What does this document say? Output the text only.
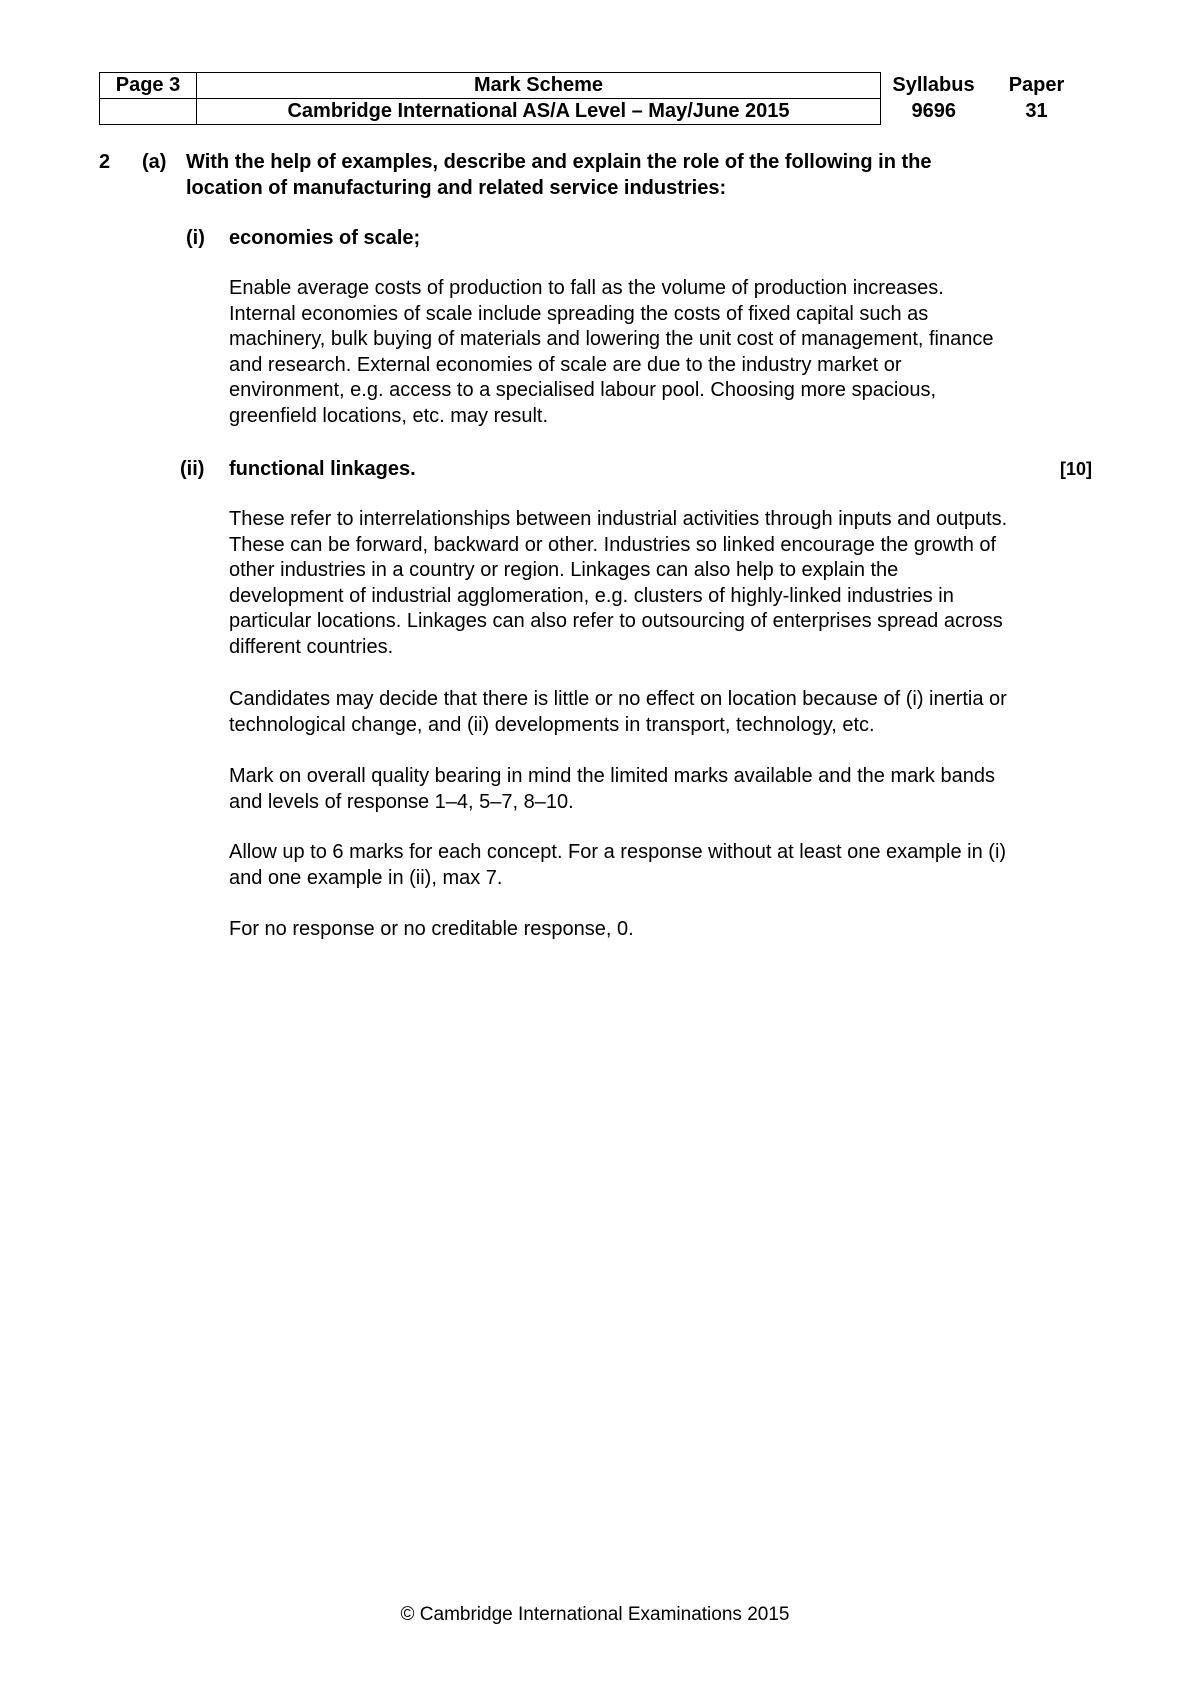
Page 3	Mark Scheme	Syllabus	Paper
	Cambridge International AS/A Level – May/June 2015	9696	31
2 (a) With the help of examples, describe and explain the role of the following in the
location of manufacturing and related service industries:
(i) economies of scale;
Enable average costs of production to fall as the volume of production increases.
Internal economies of scale include spreading the costs of fixed capital such as
machinery, bulk buying of materials and lowering the unit cost of management, finance
and research. External economies of scale are due to the industry market or
environment, e.g. access to a specialised labour pool. Choosing more spacious,
greenfield locations, etc. may result.
(ii) functional linkages.	[10]
These refer to interrelationships between industrial activities through inputs and outputs.
These can be forward, backward or other. Industries so linked encourage the growth of
other industries in a country or region. Linkages can also help to explain the
development of industrial agglomeration, e.g. clusters of highly-linked industries in
particular locations. Linkages can also refer to outsourcing of enterprises spread across
different countries.
Candidates may decide that there is little or no effect on location because of (i) inertia or
technological change, and (ii) developments in transport, technology, etc.
Mark on overall quality bearing in mind the limited marks available and the mark bands
and levels of response 1–4, 5–7, 8–10.
Allow up to 6 marks for each concept. For a response without at least one example in (i)
and one example in (ii), max 7.
For no response or no creditable response, 0.
© Cambridge International Examinations 2015
